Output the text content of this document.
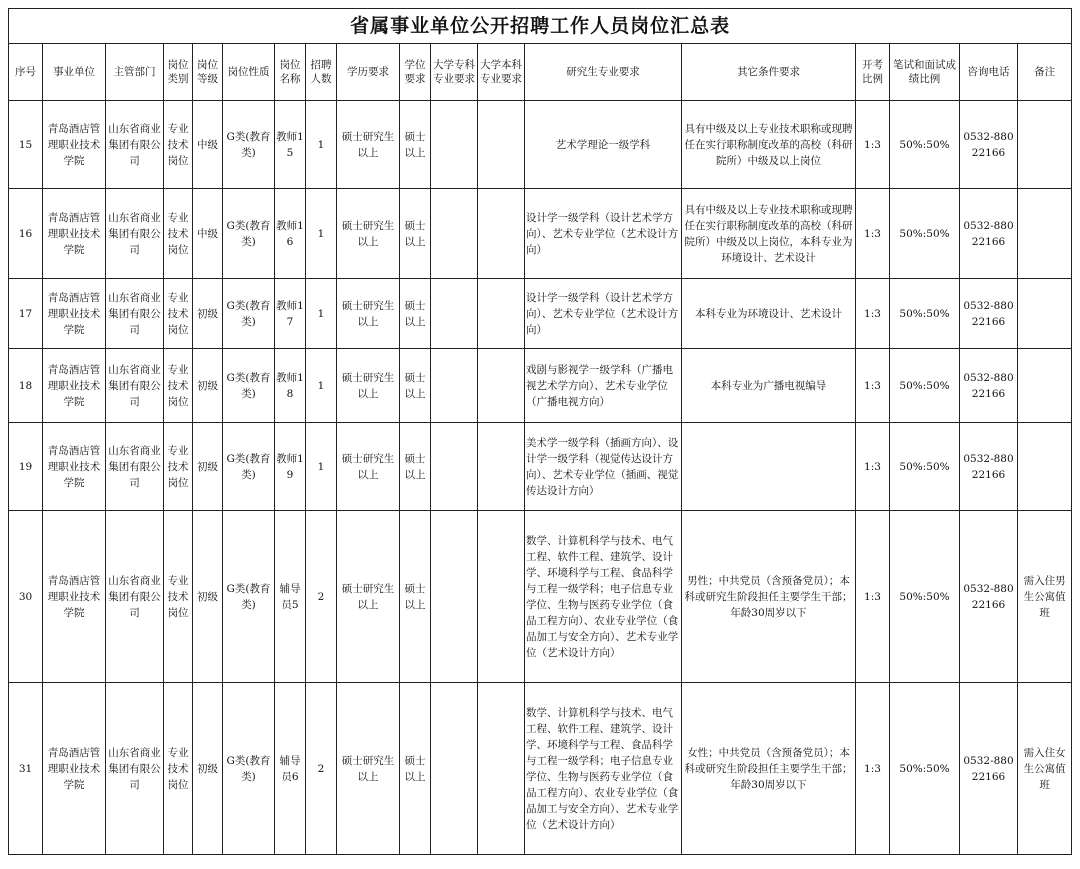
省属事业单位公开招聘工作人员岗位汇总表																	
序号	事业单位	主管部门	岗位类别	岗位等级	岗位性质	岗位名称	招聘人数	学历要求	学位要求	大学专科专业要求	大学本科专业要求	研究生专业要求	其它条件要求	开考比例	笔试和面试成绩比例	咨询电话	备注
15	青岛酒店管理职业技术学院	山东省商业集团有限公司	专业技术岗位	中级	G类(教育类)	教师15	1	硕士研究生以上	硕士以上			艺术学理论一级学科	具有中级及以上专业技术职称或现聘任在实行职称制度改革的高校（科研院所）中级及以上岗位	1:3	50%:50%	0532-88022166	
16	青岛酒店管理职业技术学院	山东省商业集团有限公司	专业技术岗位	中级	G类(教育类)	教师16	1	硕士研究生以上	硕士以上			设计学一级学科（设计艺术学方向）、艺术专业学位（艺术设计方向）	具有中级及以上专业技术职称或现聘任在实行职称制度改革的高校（科研院所）中级及以上岗位，本科专业为环境设计、艺术设计	1:3	50%:50%	0532-88022166	
17	青岛酒店管理职业技术学院	山东省商业集团有限公司	专业技术岗位	初级	G类(教育类)	教师17	1	硕士研究生以上	硕士以上			设计学一级学科（设计艺术学方向）、艺术专业学位（艺术设计方向）	本科专业为环境设计、艺术设计	1:3	50%:50%	0532-88022166	
18	青岛酒店管理职业技术学院	山东省商业集团有限公司	专业技术岗位	初级	G类(教育类)	教师18	1	硕士研究生以上	硕士以上			戏剧与影视学一级学科（广播电视艺术学方向）、艺术专业学位（广播电视方向）	本科专业为广播电视编导	1:3	50%:50%	0532-88022166	
19	青岛酒店管理职业技术学院	山东省商业集团有限公司	专业技术岗位	初级	G类(教育类)	教师19	1	硕士研究生以上	硕士以上			美术学一级学科（插画方向）、设计学一级学科（视觉传达设计方向）、艺术专业学位（插画、视觉传达设计方向）		1:3	50%:50%	0532-88022166	
30	青岛酒店管理职业技术学院	山东省商业集团有限公司	专业技术岗位	初级	G类(教育类)	辅导员5	2	硕士研究生以上	硕士以上			数学、计算机科学与技术、电气工程、软件工程、建筑学、设计学、环境科学与工程、食品科学与工程一级学科；电子信息专业学位、生物与医药专业学位（食品工程方向）、农业专业学位（食品加工与安全方向）、艺术专业学位（艺术设计方向）	男性；中共党员（含预备党员）；本科或研究生阶段担任主要学生干部；年龄30周岁以下	1:3	50%:50%	0532-88022166	需入住男生公寓值班
31	青岛酒店管理职业技术学院	山东省商业集团有限公司	专业技术岗位	初级	G类(教育类)	辅导员6	2	硕士研究生以上	硕士以上			数学、计算机科学与技术、电气工程、软件工程、建筑学、设计学、环境科学与工程、食品科学与工程一级学科；电子信息专业学位、生物与医药专业学位（食品工程方向）、农业专业学位（食品加工与安全方向）、艺术专业学位（艺术设计方向）	女性；中共党员（含预备党员）；本科或研究生阶段担任主要学生干部；年龄30周岁以下	1:3	50%:50%	0532-88022166	需入住女生公寓值班
